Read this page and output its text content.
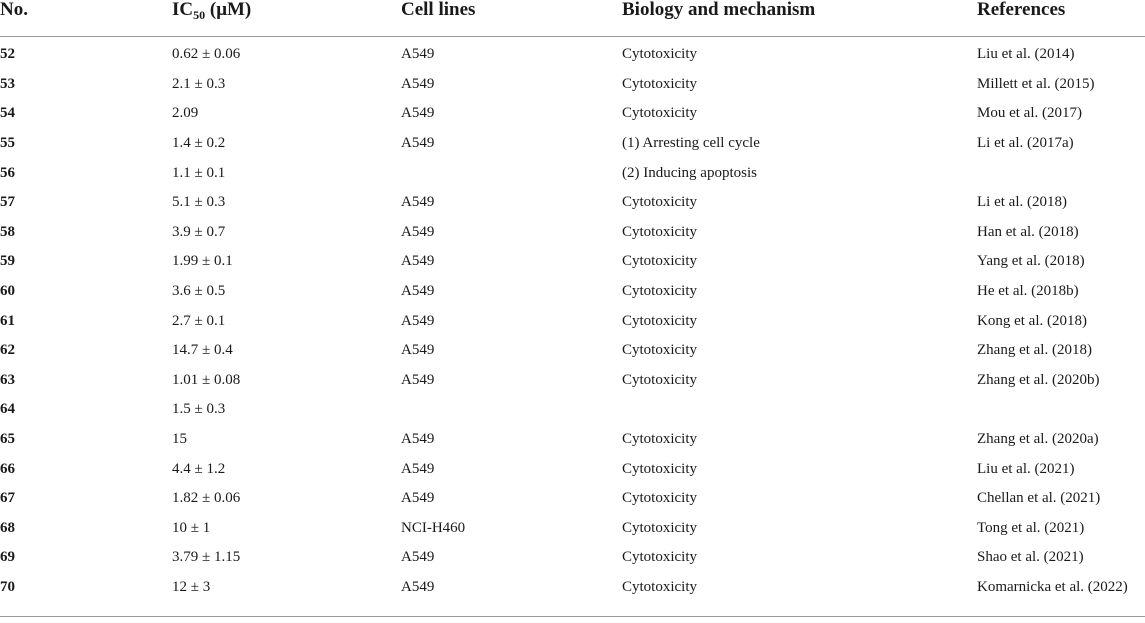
No.	$IC_{50}$ (μM)	Cell lines	Biology and mechanism	References
52	0.62 ± 0.06	A549	Cytotoxicity	Liu et al. (2014)
53	2.1 ± 0.3	A549	Cytotoxicity	Millett et al. (2015)
54	2.09	A549	Cytotoxicity	Mou et al. (2017)
55	1.4 ± 0.2	A549	(1) Arresting cell cycle	Li et al. (2017a)
56	1.1 ± 0.1		(2) Inducing apoptosis	
57	5.1 ± 0.3	A549	Cytotoxicity	Li et al. (2018)
58	3.9 ± 0.7	A549	Cytotoxicity	Han et al. (2018)
59	1.99 ± 0.1	A549	Cytotoxicity	Yang et al. (2018)
60	3.6 ± 0.5	A549	Cytotoxicity	He et al. (2018b)
61	2.7 ± 0.1	A549	Cytotoxicity	Kong et al. (2018)
62	14.7 ± 0.4	A549	Cytotoxicity	Zhang et al. (2018)
63	1.01 ± 0.08	A549	Cytotoxicity	Zhang et al. (2020b)
64	1.5 ± 0.3			
65	15	A549	Cytotoxicity	Zhang et al. (2020a)
66	4.4 ± 1.2	A549	Cytotoxicity	Liu et al. (2021)
67	1.82 ± 0.06	A549	Cytotoxicity	Chellan et al. (2021)
68	10 ± 1	NCI-H460	Cytotoxicity	Tong et al. (2021)
69	3.79 ± 1.15	A549	Cytotoxicity	Shao et al. (2021)
70	12 ± 3	A549	Cytotoxicity	Komarnicka et al. (2022)
